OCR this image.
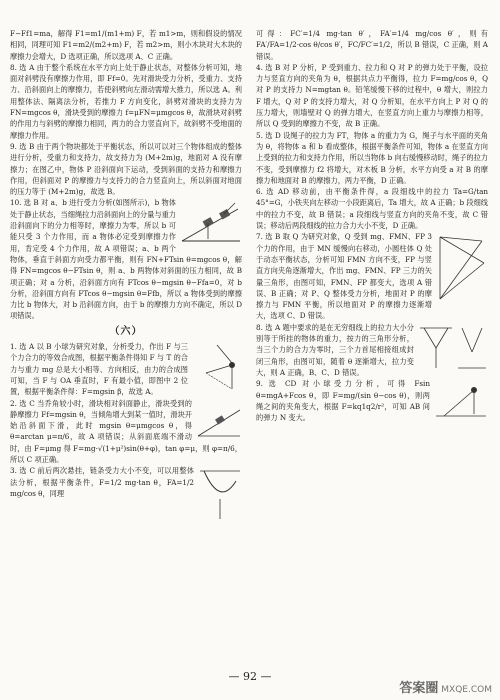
F−Ff1=ma，解得 F1=m1/(m1+m) F，若 m1>m，则和假设的情况相同，同理可知 F1=m2/(m2+m) F，若 m2>m，则小木块对大木块的摩擦力会增大，D 选项正确，所以选项 A、C 正确。

8. 选 A 由于整个系统在水平方向上处于静止状态，对整体分析可知，地面对斜劈没有摩擦力作用，即 Ff=0。先对滑块受力分析，受重力、支持力、沿斜面向上的摩擦力，若使斜劈向左滑动需增大推力，所以选 A。利用整体法、隔离法分析，若推力 F 方向变化，斜劈对滑块的支持力为 FN=mgcos θ，滑块受到的摩擦力 f=μFN=μmgcos θ，故滑块对斜劈的作用力与斜劈的摩擦力相同，两力的合力竖直向下，故斜劈不受地面的摩擦力作用。

9. 选 B 由于两个物块都处于平衡状态，所以可以对三个物体组成的整体进行分析，受重力和支持力，故支持力为 (M+2m)g，地面对 A 没有摩擦力；在图乙中，物体 P 沿斜面向下运动，受到斜面的支持力和摩擦力作用，但斜面对 P 的摩擦力与支持力的合力竖直向上，所以斜面对地面的压力等于 (M+2m)g，故选 B。

10. 选 B 对 a、b 进行受力分析(如图所示)，b 物体处于静止状态，当细绳拉力沿斜面向上的分量与重力沿斜面向下的分力相等时，摩擦力为零，所以 b 可能只受 3 个力作用，而 a 物体必定受到摩擦力作用，肯定受 4 个力作用，故 A 项错误；a、b 两个物体，垂直于斜面方向受力都平衡，则有 FN+FTsin θ=mgcos θ，解得 FN=mgcos θ−FTsin θ，则 a、b 两物体对斜面的压力相同，故 B 项正确；对 a 分析，沿斜面方向有 FTcos θ−mgsin θ−Ffa=0，对 b 分析，沿斜面方向有 FTcos θ−mgsin θ=Ffb，所以 a 物体受到的摩擦力比 b 物体大，对 b 沿斜面方向，由于 b 的摩擦力方向不确定，所以 D 项错误。

（六）

1. 选 A 以 B 小球为研究对象，分析受力，作出 F 与三个力合力的等效合成图，根据平衡条件得知 F 与 T 的合力与重力 mg 总是大小相等、方向相反，由力的合成图可知，当 F 与 OA 垂直时，F 有最小值，即图中 2 位置，根据平衡条件得：F=mgsin β，故选 A。

2. 选 C 当乔角较小时，滑块相对斜面静止，滑块受到的静摩擦力 Ff=mgsin θ，当倾角增大到某一值时，滑块开始沿斜面下滑，此时 mgsin θ=μmgcos θ，得 θ=arctan μ=π/6，故 A 项错误；从斜面底端不滑动时，由 F=μmg 得 F=mg·√(1+μ²)sin(θ+φ)，tan φ=μ，则 φ=π/6，所以 C 项正确。

3. 选 C 前后两次悬挂，链条受力大小不变，可以用整体法分析，根据平衡条件，F=1/2 mg·tan θ，FA=1/2 mg/cos θ，同理

可得：FC′=1/4 mg·tan θ′，FA′=1/4 mg/cos θ′，则有 FA′/FA=1/2·cos θ/cos θ′，FC/FC′=1/2，所以 B 错误，C 正确，则 A 错误。

4. 选 B 对 P 分析，P 受到重力、拉力和 Q 对 P 的弹力处于平衡，设拉力与竖直方向的夹角为 θ，根据共点力平衡得，拉力 F=mg/cos θ，Q 对 P 的支持力 N=mgtan θ。铅笔缓慢下移的过程中，θ 增大，则拉力 F 增大，Q 对 P 的支持力增大，对 Q 分析知，在水平方向上 P 对 Q 的压力增大，则墙壁对 Q 的弹力增大，在竖直方向上重力与摩擦力相等，所以 Q 受到的摩擦力不变，故 B 正确。

5. 选 D 设绳子的拉力为 FT，物体 a 的重力为 G，绳子与水平面的夹角为 θ，将物体 a 和 b 看成整体，根据平衡条件可知，物体 a 在竖直方向上受到的拉力和支持力作用，所以当物体 b 向右缓慢移动时，绳子的拉力不变，受到摩擦力 f2 将增大，对木板 B 分析，水平方向受 a 对 B 的摩擦力和地面对 B 的摩擦力，两力平衡，D 正确。

6. 选 AD 移动前，由平衡条件得，a 段细线中的拉力 Ta=G/tan 45°=G，小铁夹向左移动一小段距离后，Ta 增大，故 A 正确；b 段细线中的拉力不变，故 B 错误；a 段细线与竖直方向的夹角不变，故 C 错误；移动后两段细线的拉力合力大小不变，D 正确。

7. 选 B 取 Q 为研究对象，Q 受到 mg、FMN、FP 3 个力的作用，由于 MN 缓慢向右移动，小圆柱体 Q 处于动态平衡状态，分析可知 FMN 方向不变，FP 与竖直方向夹角逐渐增大，作出 mg、FMN、FP 三力的矢量三角形，由图可知，FMN、FP 都变大，选项 A 错误、B 正确；对 P、Q 整体受力分析，地面对 P 的摩擦力与 FMN 平衡，所以地面对 P 的摩擦力逐渐增大，选项 C、D 错误。

8. 选 A 题中要求的是在无穷细线上的拉力大小分别等于所挂的物体的重力，按力的三角形分析，当三个力的合力为零时，三个力首尾相接组成封闭三角形，由图可知，随着 θ 逐渐增大，拉力变大，则 A 正确，B、C、D 错误。

9. 选 CD 对小球受力分析，可得 Fsin θ=mgA+Fcos θ，即 F=mg/(sin θ−cos θ)，则两绳之间的夹角变大，根据 F=kq1q2/r²，可知 AB 间的弹力 N 变大。

— 92 —
答案圈 MXQE.COM
